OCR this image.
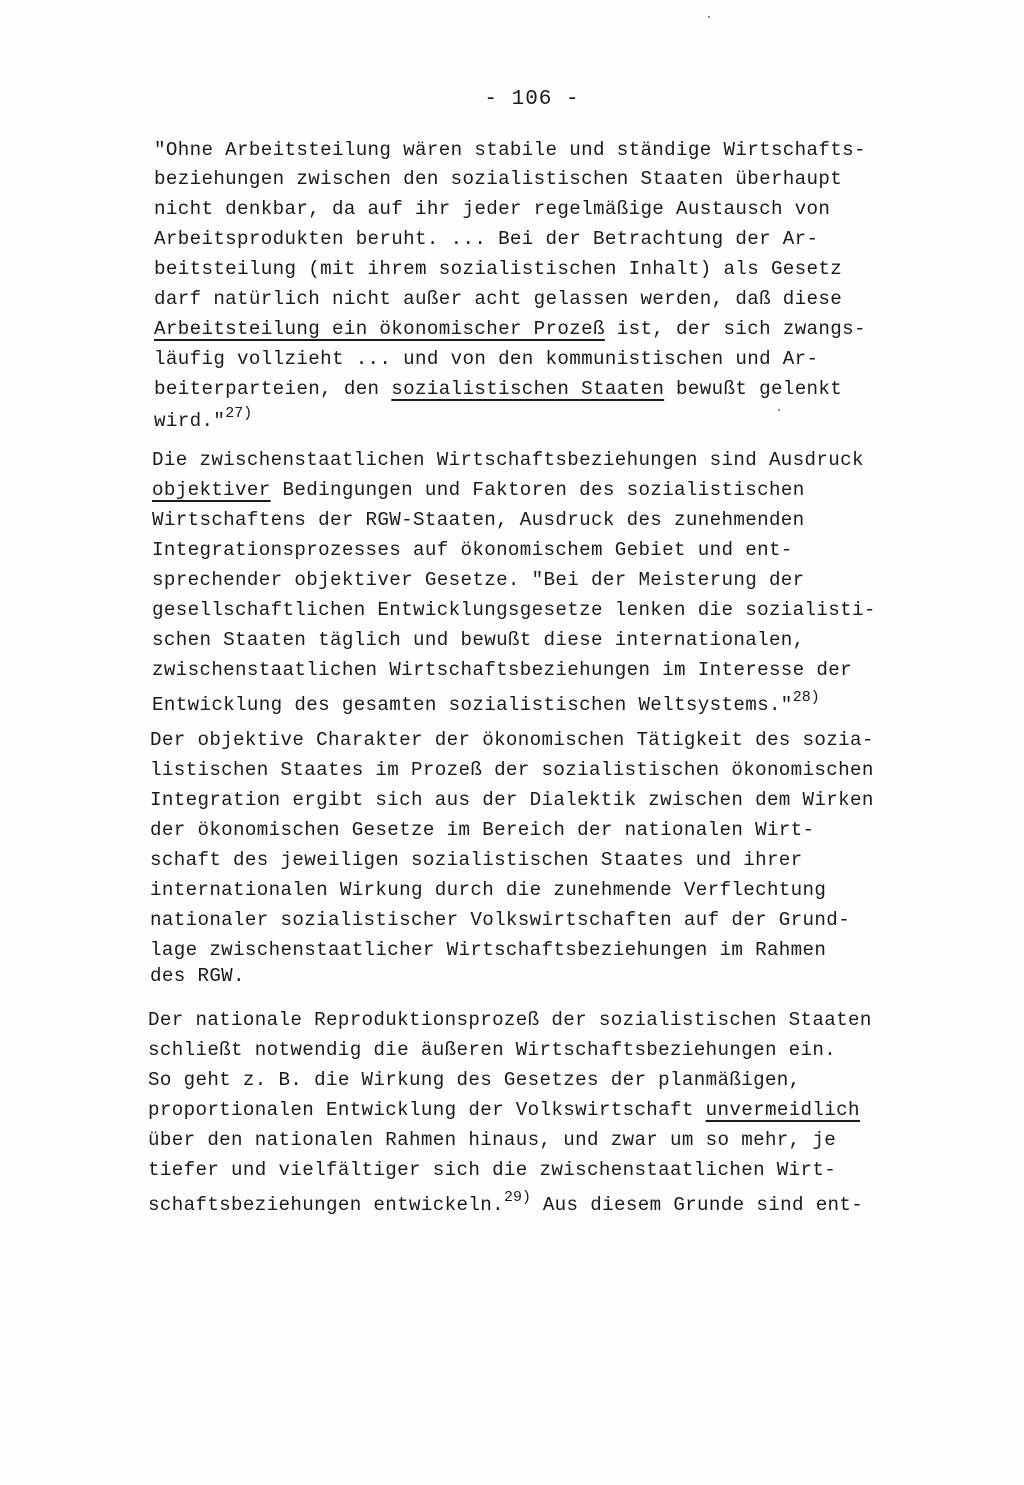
- 106 -
"Ohne Arbeitsteilung wären stabile und ständige Wirtschafts-
beziehungen zwischen den sozialistischen Staaten überhaupt
nicht denkbar, da auf ihr jeder regelmäßige Austausch von
Arbeitsprodukten beruht. ... Bei der Betrachtung der Ar-
beitsteilung (mit ihrem sozialistischen Inhalt) als Gesetz
darf natürlich nicht außer acht gelassen werden, daß diese
Arbeitsteilung ein ökonomischer Prozeß ist, der sich zwangs-
läufig vollzieht ... und von den kommunistischen und Ar-
beiterparteien, den sozialistischen Staaten bewußt gelenkt
wird."$^{27)}$
Die zwischenstaatlichen Wirtschaftsbeziehungen sind Ausdruck
objektiver Bedingungen und Faktoren des sozialistischen
Wirtschaftens der RGW-Staaten, Ausdruck des zunehmenden
Integrationsprozesses auf ökonomischem Gebiet und ent-
sprechender objektiver Gesetze. "Bei der Meisterung der
gesellschaftlichen Entwicklungsgesetze lenken die sozialisti-
schen Staaten täglich und bewußt diese internationalen,
zwischenstaatlichen Wirtschaftsbeziehungen im Interesse der
Entwicklung des gesamten sozialistischen Weltsystems."$^{28)}$
Der objektive Charakter der ökonomischen Tätigkeit des sozia-
listischen Staates im Prozeß der sozialistischen ökonomischen
Integration ergibt sich aus der Dialektik zwischen dem Wirken
der ökonomischen Gesetze im Bereich der nationalen Wirt-
schaft des jeweiligen sozialistischen Staates und ihrer
internationalen Wirkung durch die zunehmende Verflechtung
nationaler sozialistischer Volkswirtschaften auf der Grund-
lage zwischenstaatlicher Wirtschaftsbeziehungen im Rahmen
des RGW.
Der nationale Reproduktionsprozeß der sozialistischen Staaten
schließt notwendig die äußeren Wirtschaftsbeziehungen ein.
So geht z. B. die Wirkung des Gesetzes der planmäßigen,
proportionalen Entwicklung der Volkswirtschaft unvermeidlich
über den nationalen Rahmen hinaus, und zwar um so mehr, je
tiefer und vielfältiger sich die zwischenstaatlichen Wirt-
schaftsbeziehungen entwickeln.$^{29)}$ Aus diesem Grunde sind ent-
